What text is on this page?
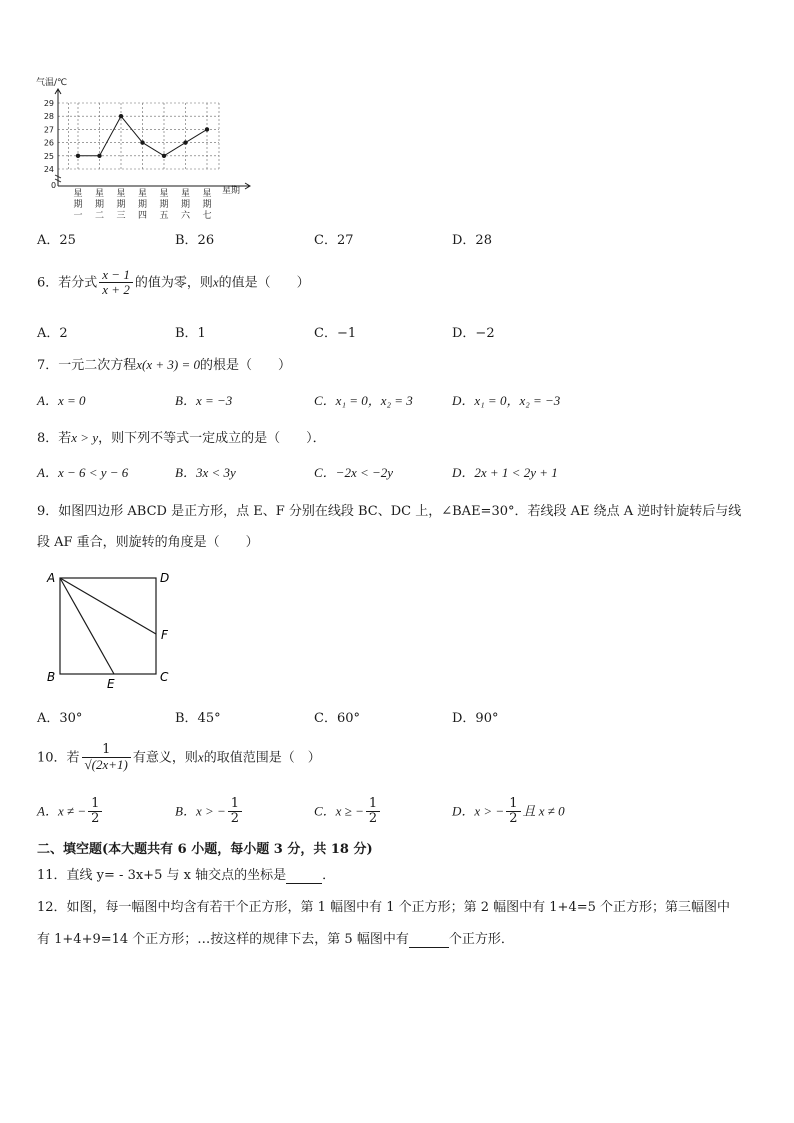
气温/℃
星期
0
24
25
26
27
28
29
星
期
一
星
期
二
星
期
三
星
期
四
星
期
五
星
期
六
星
期
七
A．25	B．26	C．27	D．28
6．若分式 $\frac{x - 1}{x + 2}$ 的值为零，则x的值是（　　）
A．2	B．1	C．−1	D．−2
7．一元二次方程x(x + 3) = 0的根是（　　）
A．x = 0	B．x = −3	C．x₁ = 0，x₂ = 3	D．x₁ = 0，x₂ = −3
8．若x > y，则下列不等式一定成立的是（　　）．
A．x − 6 < y − 6	B．3x < 3y	C．−2x < −2y	D．2x + 1 < 2y + 1
9．如图四边形 ABCD 是正方形，点 E、F 分别在线段 BC、DC 上，∠BAE=30°．若线段 AE 绕点 A 逆时针旋转后与线
段 AF 重合，则旋转的角度是（　　）
A	D
F
B	E	C
A．30°	B．45°	C．60°	D．90°
10．若 $\frac{1}{√(2x+1)}$ 有意义，则x的取值范围是（　）
A．x ≠ − $\frac{1}{2}$	B．x > − $\frac{1}{2}$	C．x ≥ − $\frac{1}{2}$	D．x > − $\frac{1}{2}$ 且 x ≠ 0
二、填空题(本大题共有 6 小题，每小题 3 分，共 18 分)
11．直线 y= - 3x+5 与 x 轴交点的坐标是	．
12．如图，每一幅图中均含有若干个正方形，第 1 幅图中有 1 个正方形；第 2 幅图中有 1+4=5 个正方形；第三幅图中
有 1+4+9=14 个正方形；…按这样的规律下去，第 5 幅图中有	个正方形．
